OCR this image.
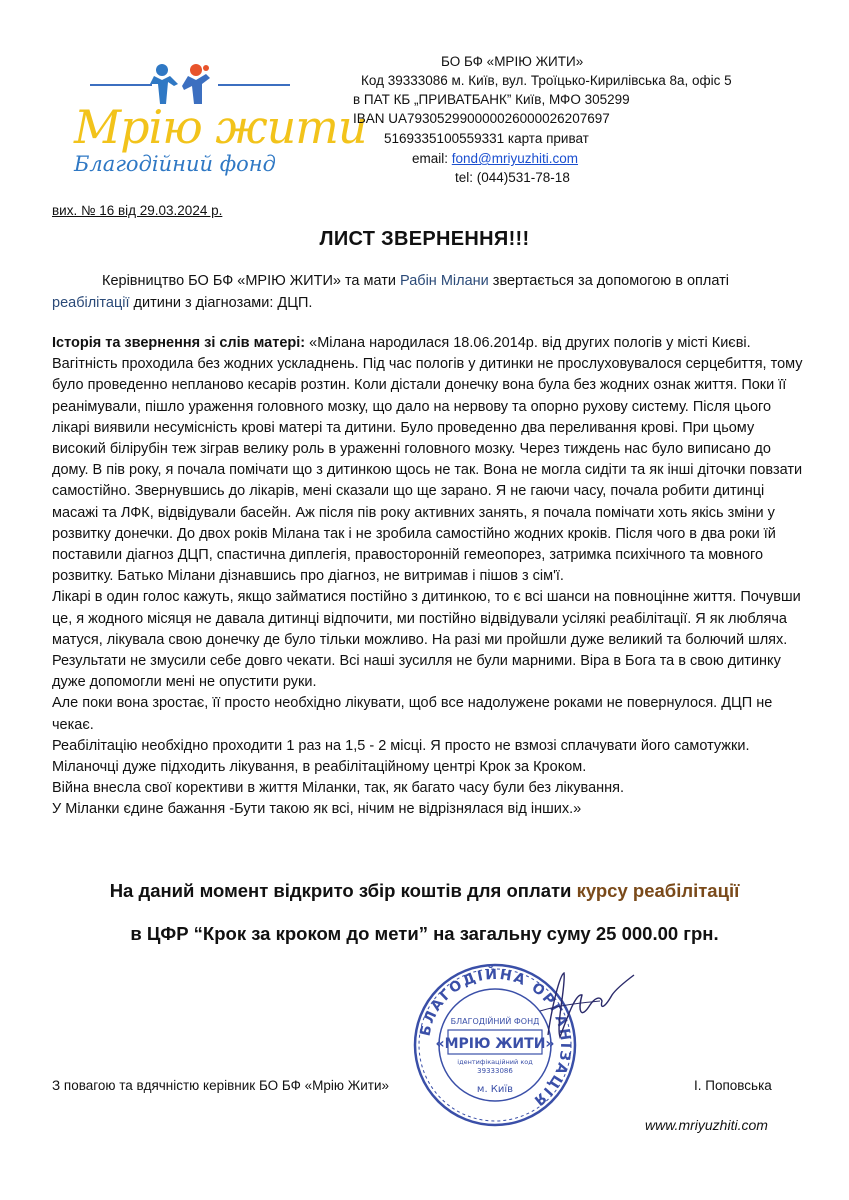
Мрію жити
Благодійний фонд
БО БФ «МРІЮ ЖИТИ»
Код 39333086 м. Київ, вул. Троїцько-Кирилівська 8а, офіс 5
в ПАТ КБ „ПРИВАТБАНК” Київ, МФО 305299
IBAN UA793052990000026000026207697
5169335100559331 карта приват
email: fond@mriyuzhiti.com
tel: (044)531-78-18
вих. № 16 від 29.03.2024 р.
ЛИСТ ЗВЕРНЕННЯ!!!
Керівництво БО БФ «МРІЮ ЖИТИ» та мати Рабін Мілани звертається за допомогою в оплаті реабілітації дитини з діагнозами: ДЦП.
Історія та звернення зі слів матері: «Мілана народилася 18.06.2014р. від других пологів у місті Києві. Вагітність проходила без жодних ускладнень. Під час пологів у дитинки не прослуховувалося серцебиття, тому було проведенно непланово кесарів розтин. Коли дістали донечку вона була без жодних ознак життя. Поки її реанімували, пішло ураження головного мозку, що дало на нервову та опорно рухову систему. Після цього лікарі виявили несумісність крові матері та дитини. Було проведенно два переливання крові. При цьому високий білірубін теж зіграв велику роль в ураженні головного мозку. Через тиждень нас було виписано до дому. В пів року, я почала помічати що з дитинкою щось не так. Вона не могла сидіти та як інші діточки повзати самостійно. Звернувшись до лікарів, мені сказали що ще зарано. Я не гаючи часу, почала робити дитинці масажі та ЛФК, відвідували басейн. Аж після пів року активних занять, я почала помічати хоть якісь зміни у розвитку донечки. До двох років Мілана так і не зробила самостійно жодних кроків. Після чого в два роки їй поставили діагноз ДЦП, спастична диплегія, правосторонній гемеопорез, затримка психічного та мовного розвитку. Батько Мілани дізнавшись про діагноз, не витримав і пішов з сім'ї.
Лікарі в один голос кажуть, якщо займатися постійно з дитинкою, то є всі шанси на повноцінне життя. Почувши це, я жодного місяця не давала дитинці відпочити, ми постійно відвідували усілякі реабілітації. Я як любляча матуся, лікувала свою донечку де було тільки можливо. На разі ми пройшли дуже великий та болючий шлях. Результати не змусили себе довго чекати. Всі наші зусилля не були марними. Віра в Бога та в свою дитинку дуже допомогли мені не опустити руки.
Але поки вона зростає, її просто необхідно лікувати, щоб все надолужене роками не повернулося. ДЦП не чекає.
Реабілітацію необхідно проходити 1 раз на 1,5 - 2 місці. Я просто не взмозі сплачувати його самотужки. Міланочці дуже підходить лікування, в реабілітаційному центрі Крок за Кроком.
Війна внесла свої корективи в життя Міланки, так, як багато часу були без лікування.
У Міланки єдине бажання -Бути такою як всі, нічим не відрізнялася від інших.»
На даний момент відкрито збір коштів для оплати курсу реабілітації
в ЦФР “Крок за кроком до мети” на загальну суму 25 000.00 грн.
БЛАГОДІЙНА ОРГАНІЗАЦІЯ
БЛАГОДІЙНИЙ ФОНД
«МРІЮ ЖИТИ»
ідентифікаційний код
39333086
м. Київ
З повагою та вдячністю керівник БО БФ «Мрію Жити»	І. Поповська
www.mriyuzhiti.com
